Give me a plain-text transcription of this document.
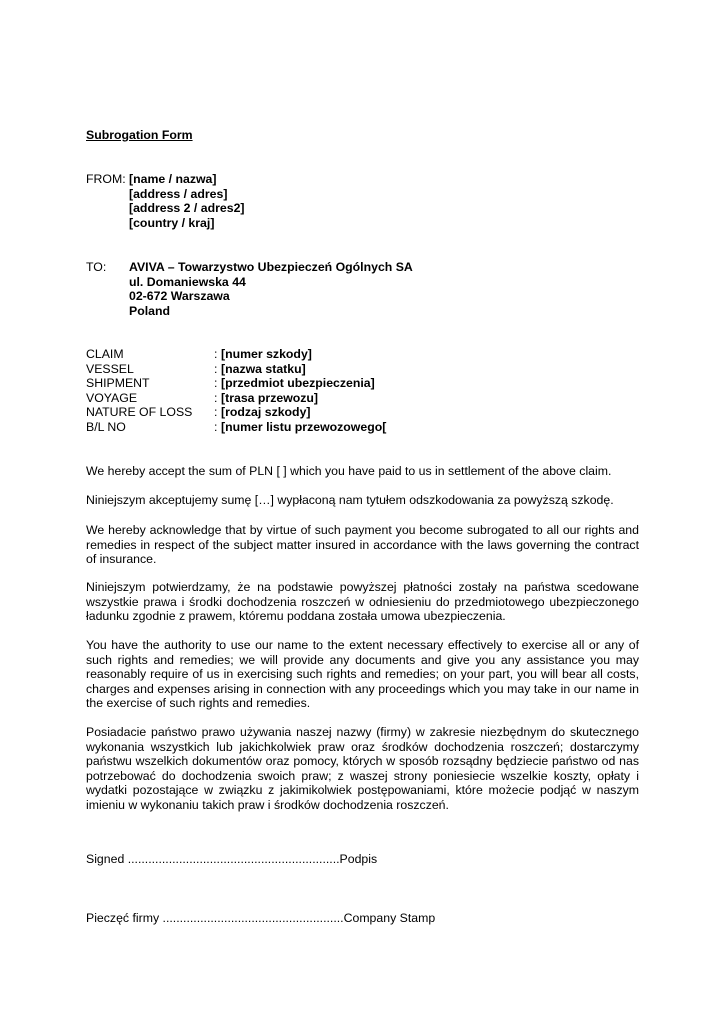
Subrogation Form
FROM: [name / nazwa]
[address / adres]
[address 2 / adres2]
[country / kraj]
TO:	AVIVA – Towarzystwo Ubezpieczeń Ogólnych SA
ul. Domaniewska 44
02-672 Warszawa
Poland
CLAIM	: [numer szkody]
VESSEL	: [nazwa statku]
SHIPMENT	: [przedmiot ubezpieczenia]
VOYAGE	: [trasa przewozu]
NATURE OF LOSS	: [rodzaj szkody]
B/L NO	: [numer listu przewozowego[

We hereby accept the sum of PLN [ ] which you have paid to us in settlement of the above claim.

Niniejszym akceptujemy sumę […] wypłaconą nam tytułem odszkodowania za powyższą szkodę.

We hereby acknowledge that by virtue of such payment you become subrogated to all our rights and remedies in respect of the subject matter insured in accordance with the laws governing the contract of insurance.

Niniejszym potwierdzamy, że na podstawie powyższej płatności zostały na państwa scedowane wszystkie prawa i środki dochodzenia roszczeń w odniesieniu do przedmiotowego ubezpieczonego ładunku zgodnie z prawem, któremu poddana została umowa ubezpieczenia.

You have the authority to use our name to the extent necessary effectively to exercise all or any of such rights and remedies; we will provide any documents and give you any assistance you may reasonably require of us in exercising such rights and remedies; on your part, you will bear all costs, charges and expenses arising in connection with any proceedings which you may take in our name in the exercise of such rights and remedies.

Posiadacie państwo prawo używania naszej nazwy (firmy) w zakresie niezbędnym do skutecznego wykonania wszystkich lub jakichkolwiek praw oraz środków dochodzenia roszczeń; dostarczymy państwu wszelkich dokumentów oraz pomocy, których w sposób rozsądny będziecie państwo od nas potrzebować do dochodzenia swoich praw; z waszej strony poniesiecie wszelkie koszty, opłaty i wydatki pozostające w związku z jakimikolwiek postępowaniami, które możecie podjąć w naszym imieniu w wykonaniu takich praw i środków dochodzenia roszczeń.

Signed ..............................................................Podpis
Pieczęć firmy .....................................................Company Stamp
